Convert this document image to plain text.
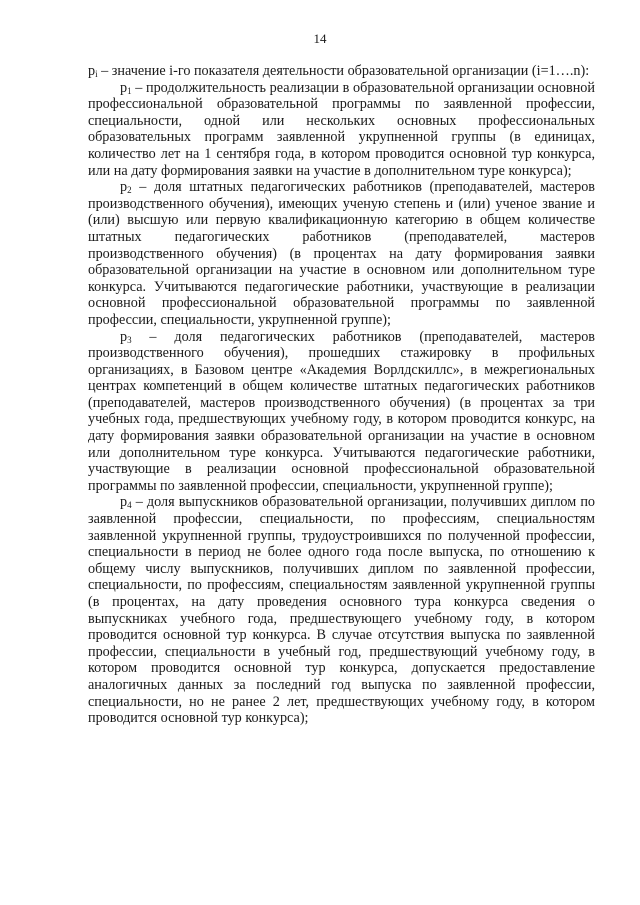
14

$p_i$ – значение i-го показателя деятельности образовательной организации (i=1….n):

$p_1$ – продолжительность реализации в образовательной организации основной профессиональной образовательной программы по заявленной профессии, специальности, одной или нескольких основных профессиональных образовательных программ заявленной укрупненной группы (в единицах, количество лет на 1 сентября года, в котором проводится основной тур конкурса, или на дату формирования заявки на участие в дополнительном туре конкурса);

$p_2$ – доля штатных педагогических работников (преподавателей, мастеров производственного обучения), имеющих ученую степень и (или) ученое звание и (или) высшую или первую квалификационную категорию в общем количестве штатных педагогических работников (преподавателей, мастеров производственного обучения) (в процентах на дату формирования заявки образовательной организации на участие в основном или дополнительном туре конкурса. Учитываются педагогические работники, участвующие в реализации основной профессиональной образовательной программы по заявленной профессии, специальности, укрупненной группе);

$p_3$ – доля педагогических работников (преподавателей, мастеров производственного обучения), прошедших стажировку в профильных организациях, в Базовом центре «Академия Ворлдскиллс», в межрегиональных центрах компетенций в общем количестве штатных педагогических работников (преподавателей, мастеров производственного обучения) (в процентах за три учебных года, предшествующих учебному году, в котором проводится конкурс, на дату формирования заявки образовательной организации на участие в основном или дополнительном туре конкурса. Учитываются педагогические работники, участвующие в реализации основной профессиональной образовательной программы по заявленной профессии, специальности, укрупненной группе);

$p_4$ – доля выпускников образовательной организации, получивших диплом по заявленной профессии, специальности, по профессиям, специальностям заявленной укрупненной группы, трудоустроившихся по полученной профессии, специальности в период не более одного года после выпуска, по отношению к общему числу выпускников, получивших диплом по заявленной профессии, специальности, по профессиям, специальностям заявленной укрупненной группы (в процентах, на дату проведения основного тура конкурса сведения о выпускниках учебного года, предшествующего учебному году, в котором проводится основной тур конкурса. В случае отсутствия выпуска по заявленной профессии, специальности в учебный год, предшествующий учебному году, в котором проводится основной тур конкурса, допускается предоставление аналогичных данных за последний год выпуска по заявленной профессии, специальности, но не ранее 2 лет, предшествующих учебному году, в котором проводится основной тур конкурса);
